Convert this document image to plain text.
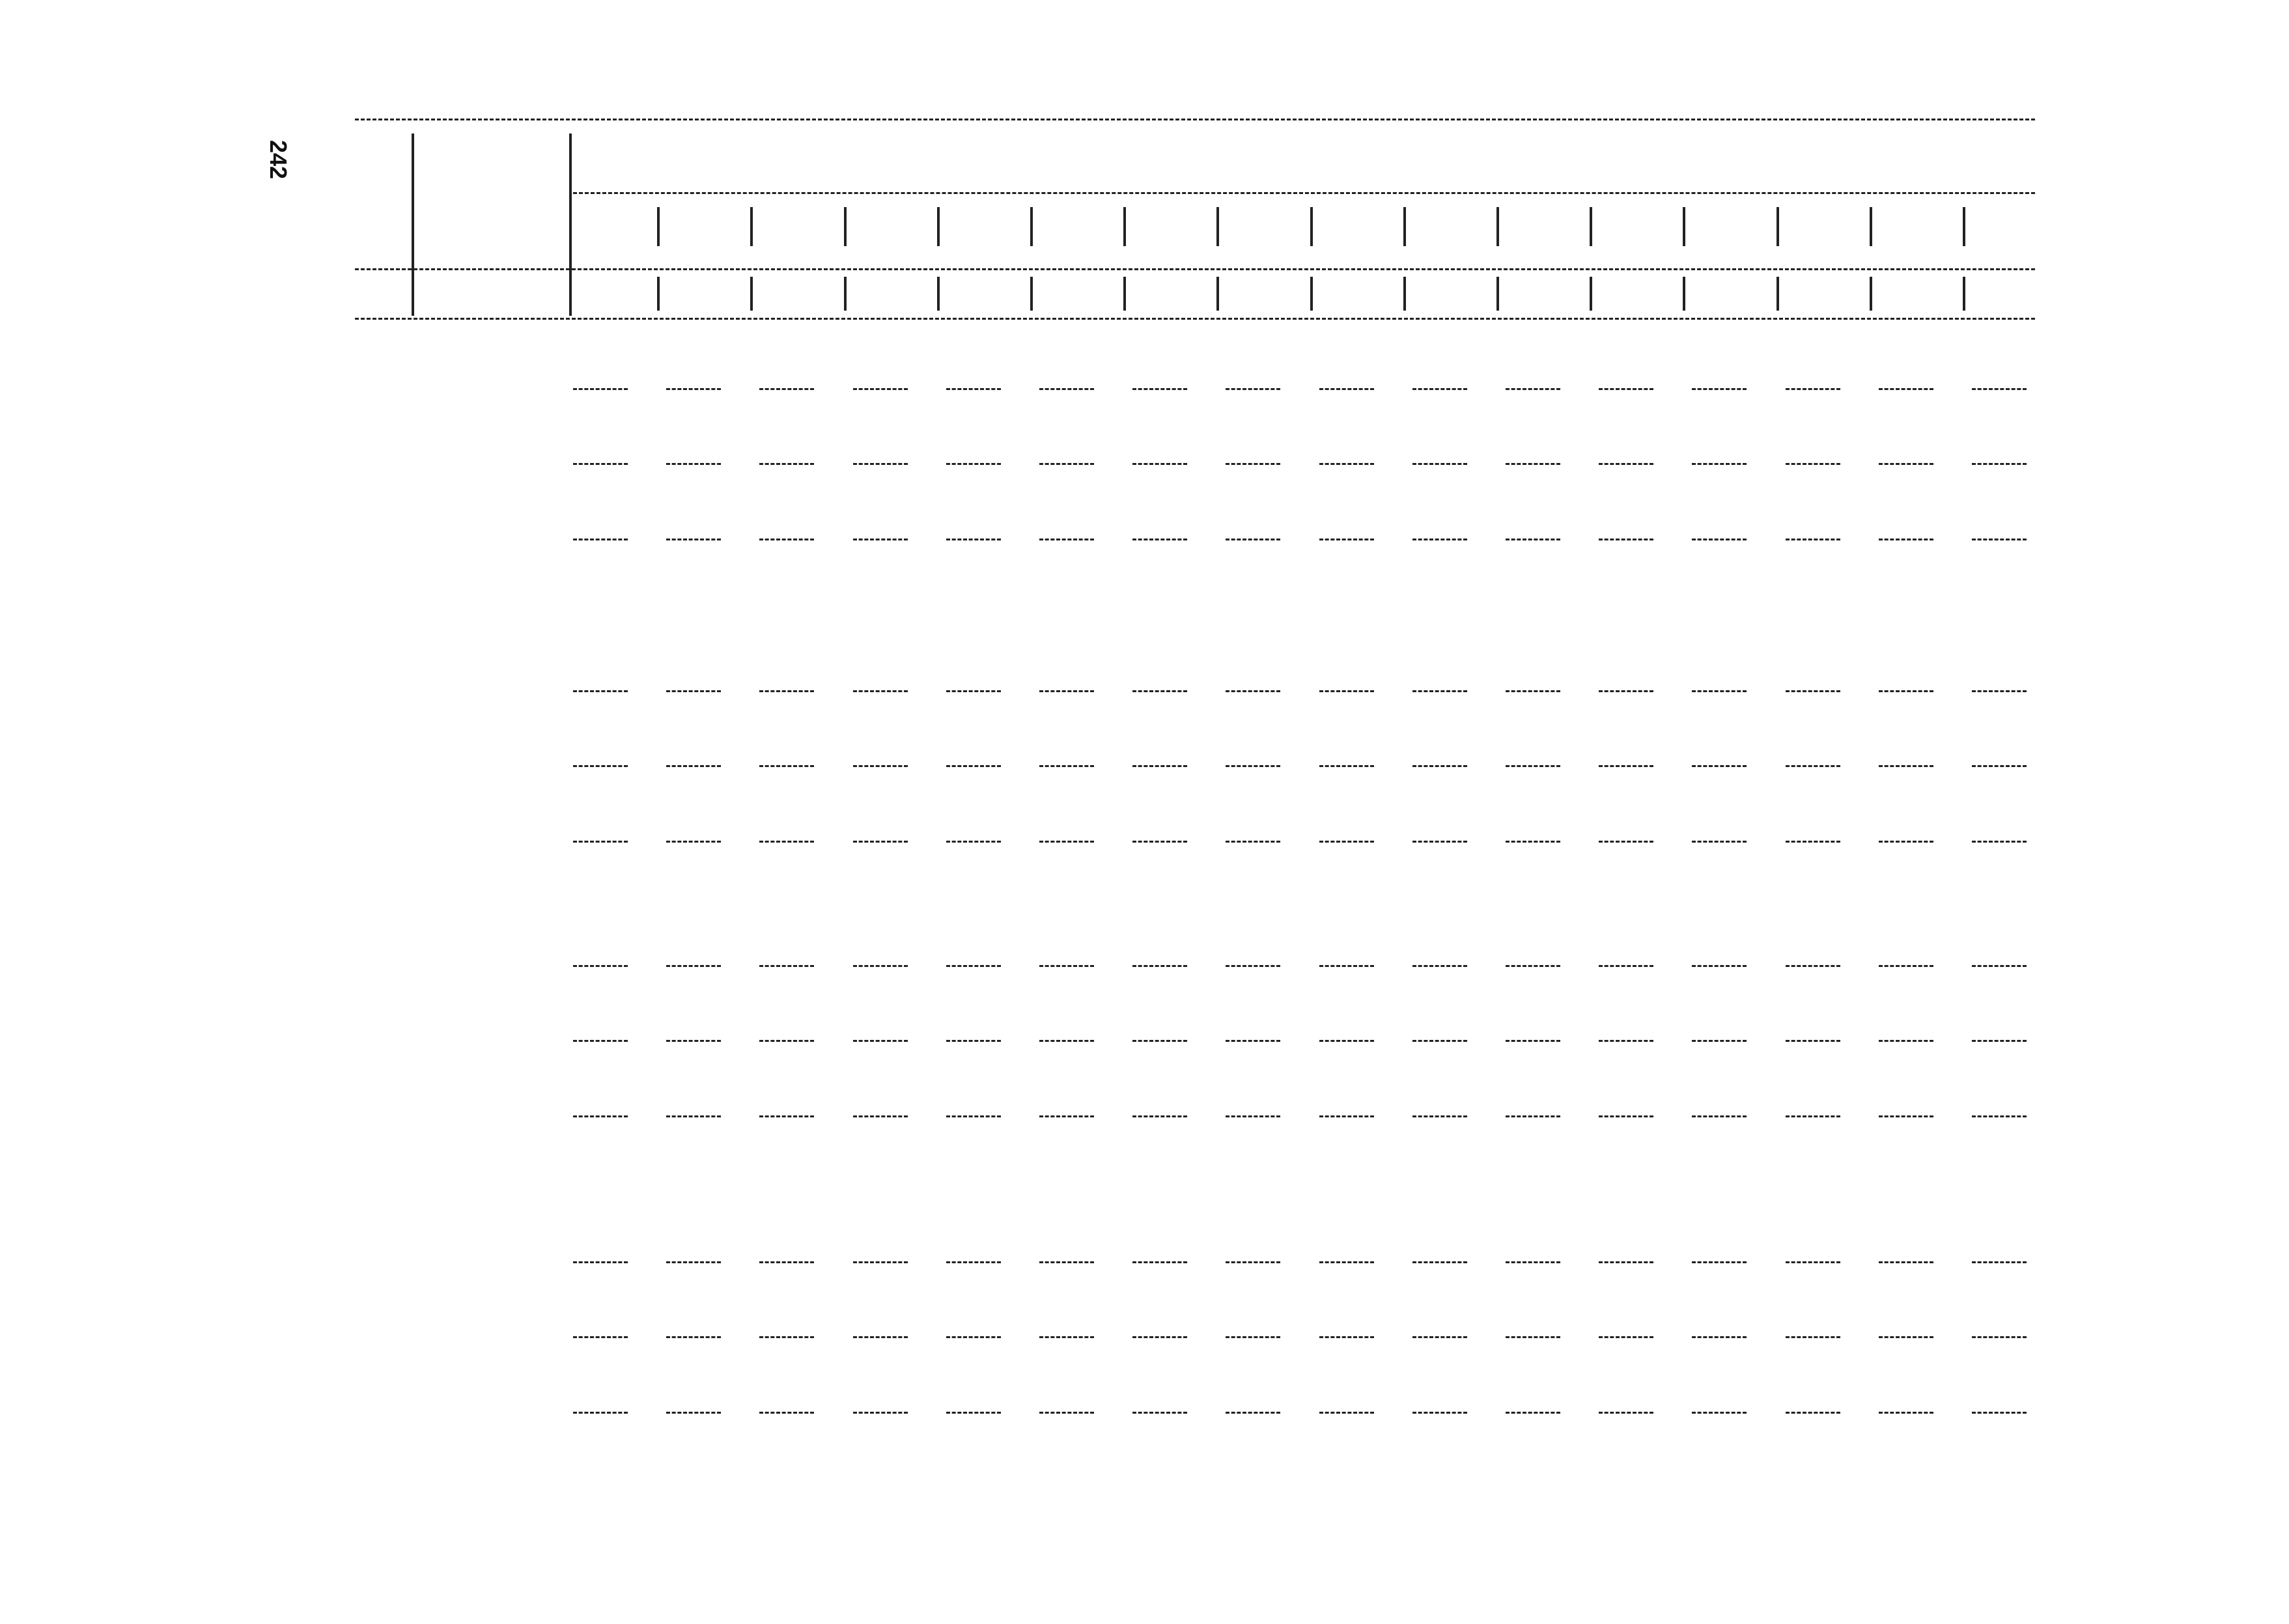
242
